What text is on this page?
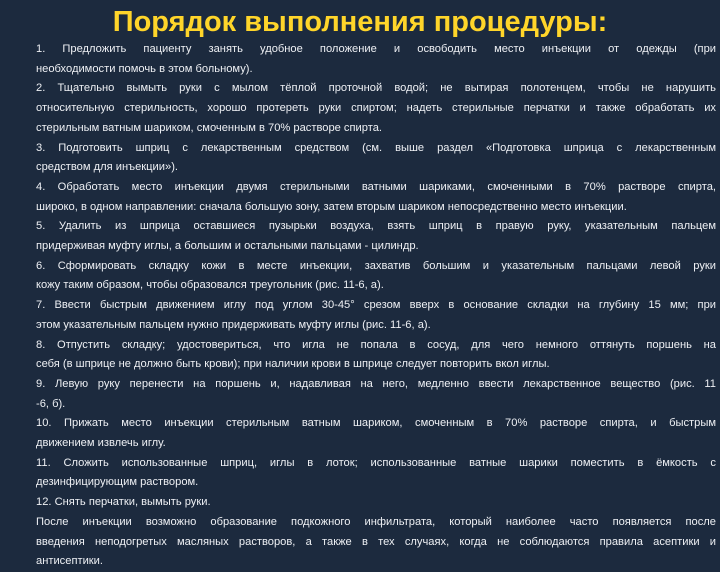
Порядок выполнения процедуры:
1. Предложить пациенту занять удобное положение и освободить место инъекции от одежды (при
необходимости помочь в этом больному).
2. Тщательно вымыть руки с мылом тёплой проточной водой; не вытирая полотенцем, чтобы не нарушить
относительную стерильность, хорошо протереть руки спиртом; надеть стерильные перчатки и также обработать их
стерильным ватным шариком, смоченным в 70% растворе спирта.
3. Подготовить шприц с лекарственным средством (см. выше раздел «Подготовка шприца с лекарственным
средством для инъекции»).
4. Обработать место инъекции двумя стерильными ватными шариками, смоченными в 70% растворе спирта,
широко, в одном направлении: сначала большую зону, затем вторым шариком непосредственно место инъекции.
5. Удалить из шприца оставшиеся пузырьки воздуха, взять шприц в правую руку, указательным пальцем
придерживая муфту иглы, а большим и остальными пальцами - цилиндр.
6. Сформировать складку кожи в месте инъекции, захватив большим и указательным пальцами левой руки
кожу таким образом, чтобы образовался треугольник (рис. 11-6, а).
7. Ввести быстрым движением иглу под углом 30-45° срезом вверх в основание складки на глубину 15 мм; при
этом указательным пальцем нужно придерживать муфту иглы (рис. 11-6, а).
8. Отпустить складку; удостовериться, что игла не попала в сосуд, для чего немного оттянуть поршень на
себя (в шприце не должно быть крови); при наличии крови в шприце следует повторить вкол иглы.
9. Левую руку перенести на поршень и, надавливая на него, медленно ввести лекарственное вещество (рис. 11
-6, б).
10. Прижать место инъекции стерильным ватным шариком, смоченным в 70% растворе спирта, и быстрым
движением извлечь иглу.
11. Сложить использованные шприц, иглы в лоток; использованные ватные шарики поместить в ёмкость с
дезинфицирующим раствором.
12. Снять перчатки, вымыть руки.
После инъекции возможно образование подкожного инфильтрата, который наиболее часто появляется после
введения неподогретых масляных растворов, а также в тех случаях, когда не соблюдаются правила асептики и
антисептики.
